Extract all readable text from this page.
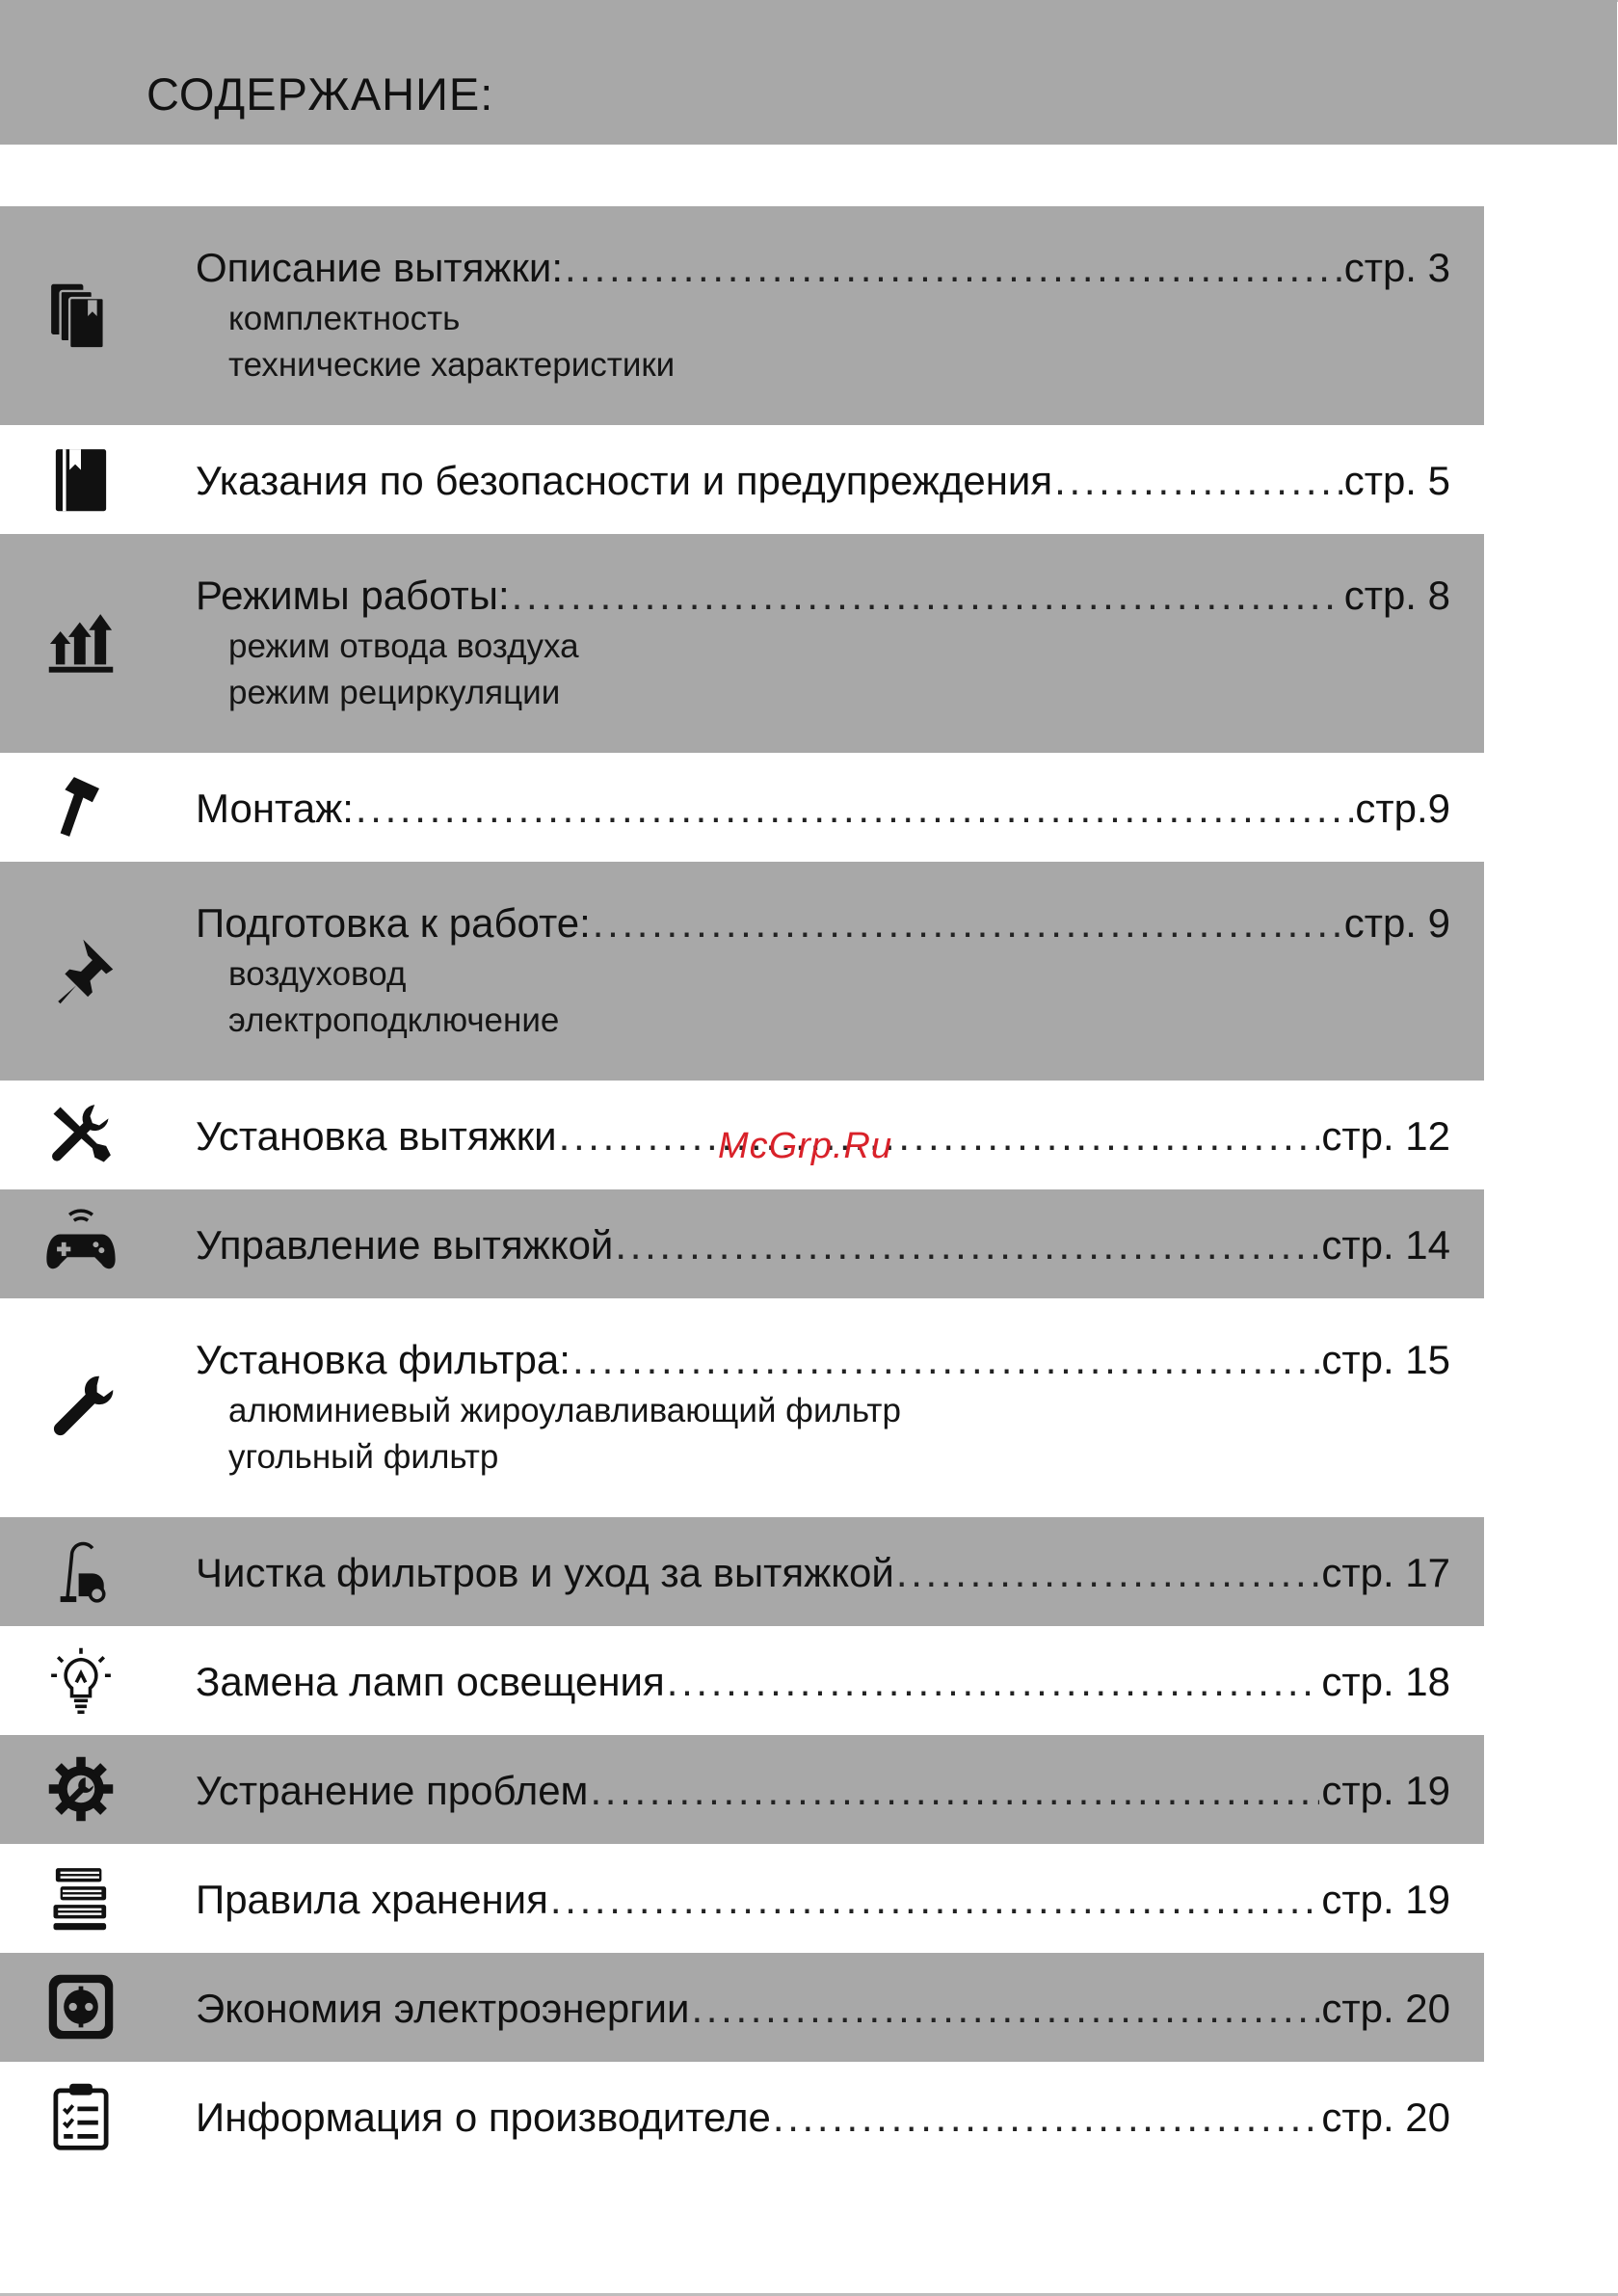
СОДЕРЖАНИЕ:
Описание вытяжки: . . .	стр. 3
комплектность
технические характеристики
Указания по безопасности и предупреждения . . .	стр. 5
Режимы работы: . . .	стр. 8
режим отвода воздуха
режим рециркуляции
Монтаж: . . .	стр.9
Подготовка к работе: . . .	стр. 9
воздуховод
электроподключение
Установка вытяжки . . .	стр. 12
Управление вытяжкой . . .	стр. 14
Установка фильтра: . . .	стр. 15
алюминиевый жироулавливающий фильтр
угольный фильтр
Чистка фильтров и уход за вытяжкой . . .	стр. 17
Замена ламп освещения . . .	стр. 18
Устранение проблем . . .	стр. 19
Правила хранения . . .	стр. 19
Экономия электроэнергии . . .	стр. 20
Информация о производителе . . .	стр. 20
McGrp.Ru
